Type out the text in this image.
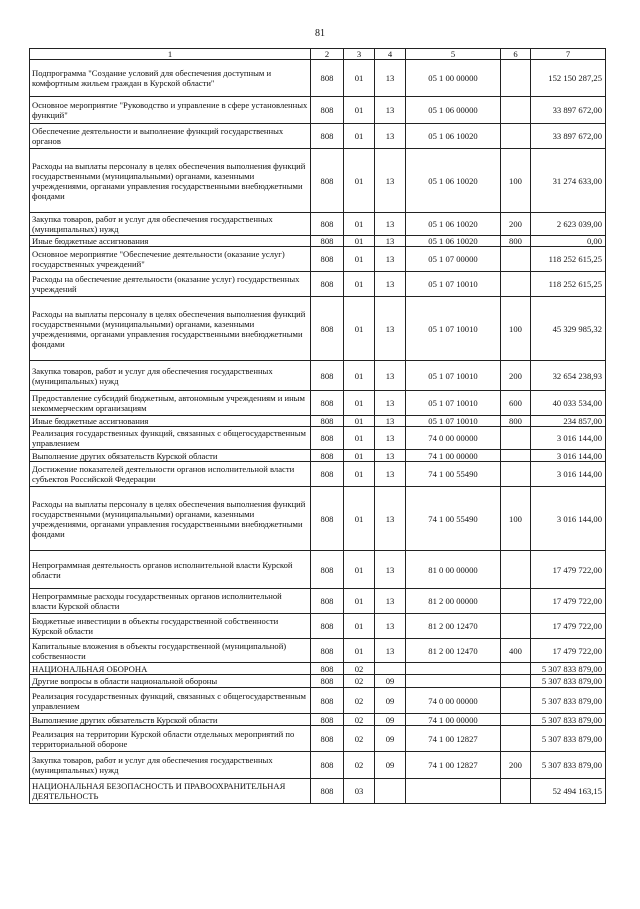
81
1	2	3	4	5	6	7
Подпрограмма "Создание условий для обеспечения доступным и комфортным жильем граждан в Курской области"	808	01	13	05 1 00 00000		152 150 287,25
Основное мероприятие "Руководство и управление в сфере установленных функций"	808	01	13	05 1 06 00000		33 897 672,00
Обеспечение деятельности и выполнение функций государственных органов	808	01	13	05 1 06 10020		33 897 672,00
Расходы на выплаты персоналу в целях обеспечения выполнения функций государственными (муниципальными) органами, казенными учреждениями, органами управления государственными внебюджетными фондами	808	01	13	05 1 06 10020	100	31 274 633,00
Закупка товаров, работ и услуг для обеспечения государственных (муниципальных) нужд	808	01	13	05 1 06 10020	200	2 623 039,00
Иные бюджетные ассигнования	808	01	13	05 1 06 10020	800	0,00
Основное мероприятие "Обеспечение деятельности (оказание услуг) государственных учреждений"	808	01	13	05 1 07 00000		118 252 615,25
Расходы на обеспечение деятельности (оказание услуг) государственных учреждений	808	01	13	05 1 07 10010		118 252 615,25
Расходы на выплаты персоналу в целях обеспечения выполнения функций государственными (муниципальными) органами, казенными учреждениями, органами управления государственными внебюджетными фондами	808	01	13	05 1 07 10010	100	45 329 985,32
Закупка товаров, работ и услуг для обеспечения государственных (муниципальных) нужд	808	01	13	05 1 07 10010	200	32 654 238,93
Предоставление субсидий бюджетным, автономным учреждениям и иным некоммерческим организациям	808	01	13	05 1 07 10010	600	40 033 534,00
Иные бюджетные ассигнования	808	01	13	05 1 07 10010	800	234 857,00
Реализация государственных функций, связанных с общегосударственным управлением	808	01	13	74 0 00 00000		3 016 144,00
Выполнение других обязательств Курской области	808	01	13	74 1 00 00000		3 016 144,00
Достижение показателей деятельности органов исполнительной власти субъектов Российской Федерации	808	01	13	74 1 00 55490		3 016 144,00
Расходы на выплаты персоналу в целях обеспечения выполнения функций государственными (муниципальными) органами, казенными учреждениями, органами управления государственными внебюджетными фондами	808	01	13	74 1 00 55490	100	3 016 144,00
Непрограммная деятельность органов исполнительной власти Курской области	808	01	13	81 0 00 00000		17 479 722,00
Непрограммные расходы государственных органов исполнительной власти Курской области	808	01	13	81 2 00 00000		17 479 722,00
Бюджетные инвестиции в объекты государственной собственности Курской области	808	01	13	81 2 00 12470		17 479 722,00
Капитальные вложения в объекты государственной (муниципальной) собственности	808	01	13	81 2 00 12470	400	17 479 722,00
НАЦИОНАЛЬНАЯ ОБОРОНА	808	02				5 307 833 879,00
Другие вопросы в области национальной обороны	808	02	09			5 307 833 879,00
Реализация государственных функций, связанных с общегосударственным управлением	808	02	09	74 0 00 00000		5 307 833 879,00
Выполнение других обязательств Курской области	808	02	09	74 1 00 00000		5 307 833 879,00
Реализация на территории Курской области отдельных мероприятий по территориальной обороне	808	02	09	74 1 00 12827		5 307 833 879,00
Закупка товаров, работ и услуг для обеспечения государственных (муниципальных) нужд	808	02	09	74 1 00 12827	200	5 307 833 879,00
НАЦИОНАЛЬНАЯ БЕЗОПАСНОСТЬ И ПРАВООХРАНИТЕЛЬНАЯ ДЕЯТЕЛЬНОСТЬ	808	03				52 494 163,15
